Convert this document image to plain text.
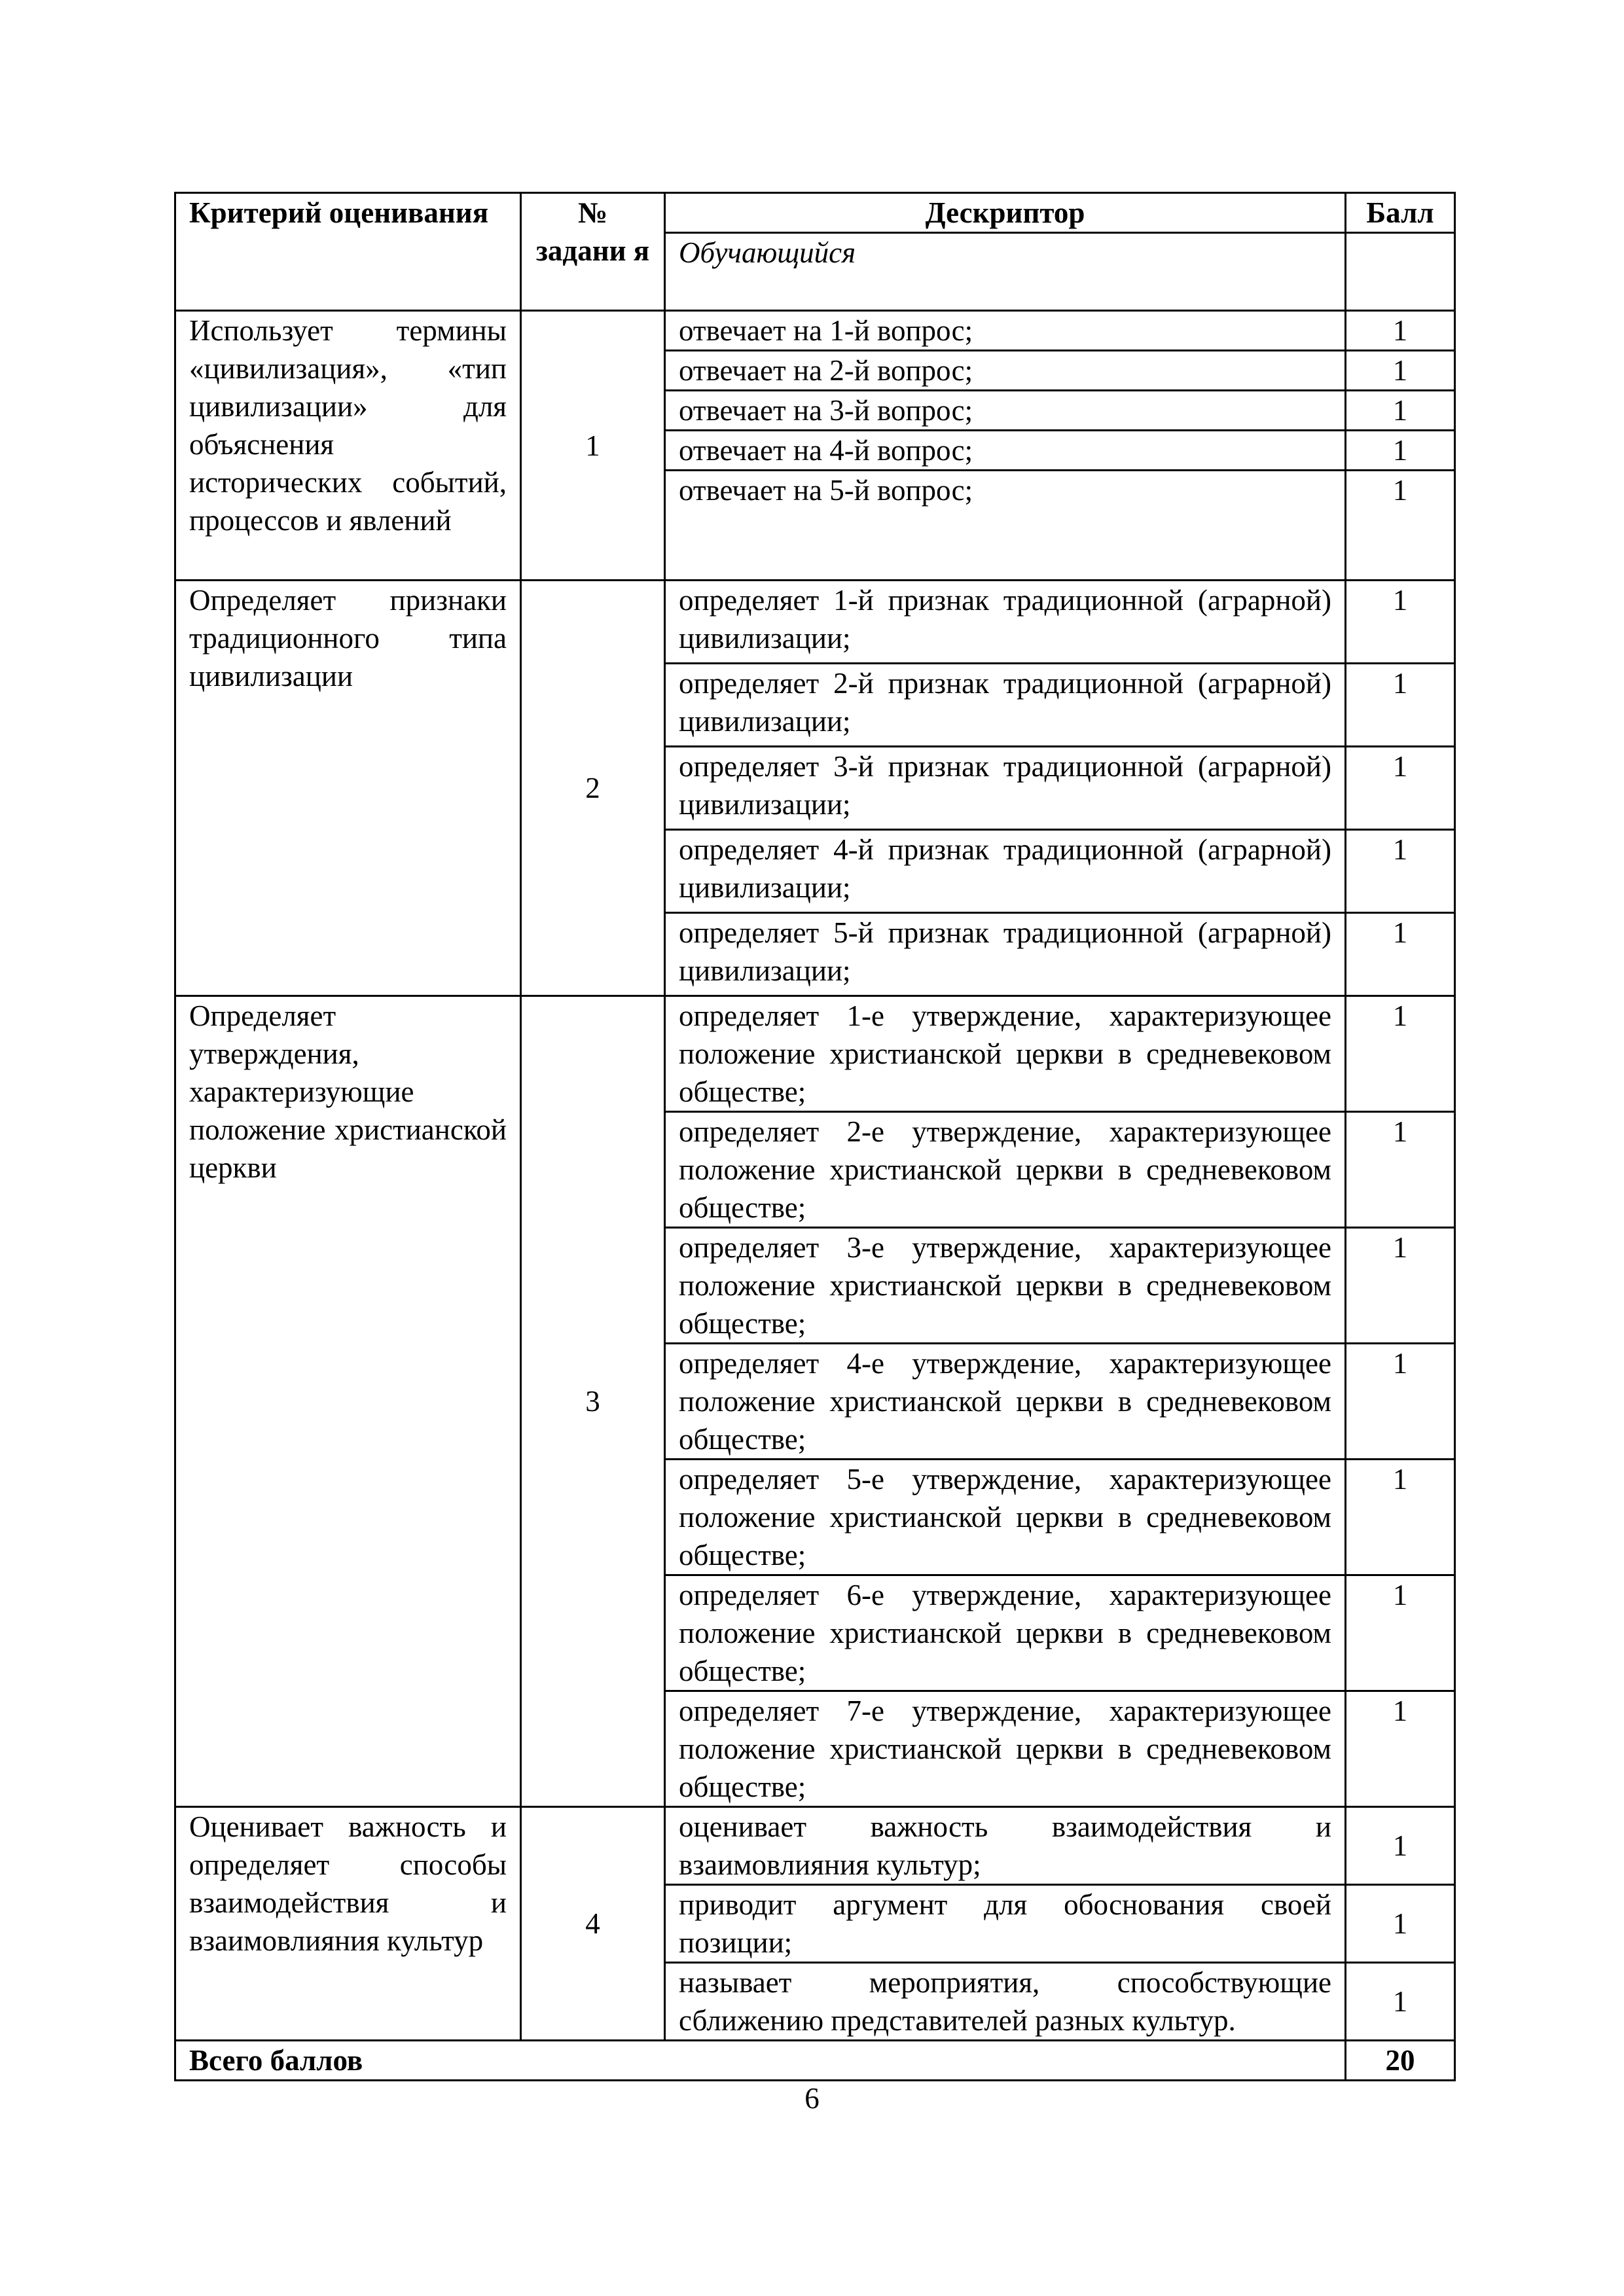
Критерий оценивания	№ задани я	Дескриптор	Балл
		Обучающийся	
Использует термины «цивилизация», «тип цивилизации» для объяснения исторических событий, процессов и явлений	1	отвечает на 1-й вопрос;	1
		отвечает на 2-й вопрос;	1
		отвечает на 3-й вопрос;	1
		отвечает на 4-й вопрос;	1
		отвечает на 5-й вопрос;	1
Определяет признаки традиционного типа цивилизации	2	определяет 1-й признак традиционной (аграрной) цивилизации;	1
		определяет 2-й признак традиционной (аграрной) цивилизации;	1
		определяет 3-й признак традиционной (аграрной) цивилизации;	1
		определяет 4-й признак традиционной (аграрной) цивилизации;	1
		определяет 5-й признак традиционной (аграрной) цивилизации;	1
Определяет утверждения, характеризующие положение христианской церкви	3	определяет 1-е утверждение, характеризующее положение христианской церкви в средневековом обществе;	1
		определяет 2-е утверждение, характеризующее положение христианской церкви в средневековом обществе;	1
		определяет 3-е утверждение, характеризующее положение христианской церкви в средневековом обществе;	1
		определяет 4-е утверждение, характеризующее положение христианской церкви в средневековом обществе;	1
		определяет 5-е утверждение, характеризующее положение христианской церкви в средневековом обществе;	1
		определяет 6-е утверждение, характеризующее положение христианской церкви в средневековом обществе;	1
		определяет 7-е утверждение, характеризующее положение христианской церкви в средневековом обществе;	1
Оценивает важность и определяет способы взаимодействия и взаимовлияния культур	4	оценивает важность взаимодействия и взаимовлияния культур;	1
		приводит аргумент для обоснования своей позиции;	1
		называет мероприятия, способствующие сближению представителей разных культур.	1
Всего баллов			20
6
